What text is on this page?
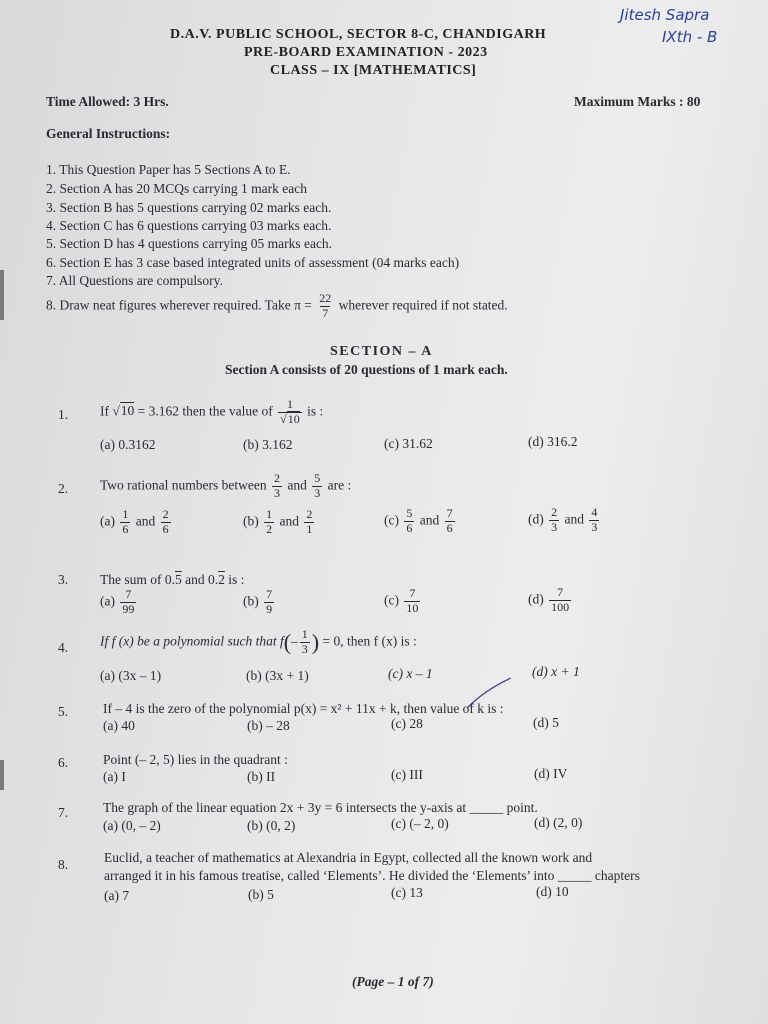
Jitesh Sapra
IXth - B
D.A.V. PUBLIC SCHOOL, SECTOR 8-C, CHANDIGARH
PRE-BOARD EXAMINATION - 2023
CLASS – IX [MATHEMATICS]
Time Allowed: 3 Hrs.	Maximum Marks : 80
General Instructions:
1. This Question Paper has 5 Sections A to E.
2. Section A has 20 MCQs carrying 1 mark each
3. Section B has 5 questions carrying 02 marks each.
4. Section C has 6 questions carrying 03 marks each.
5. Section D has 4 questions carrying 05 marks each.
6. Section E has 3 case based integrated units of assessment (04 marks each)
7. All Questions are compulsory.
8. Draw neat figures wherever required. Take $\pi = \frac{22}{7}$ wherever required if not stated.
SECTION – A
Section A consists of 20 questions of 1 mark each.
1. If √10 = 3.162 then the value of $\frac{1}{√10}$ is :
(a) 0.3162	(b) 3.162	(c) 31.62	(d) 316.2
2. Two rational numbers between $\frac{2}{3}$ and $\frac{5}{3}$ are :
$(a) \frac{1}{6}$ and $\frac{2}{6}$	$(b) \frac{1}{2}$ and $\frac{2}{1}$	$(c) \frac{5}{6}$ and $\frac{7}{6}$	$(d) \frac{2}{3}$ and $\frac{4}{3}$
3. The sum of 0.5 and 0.2 is :
$(a) \frac{7}{99}$	$(b) \frac{7}{9}$	$(c) \frac{7}{10}$	$(d) \frac{7}{100}$
4. If f (x) be a polynomial such that $f(- \frac{1}{3}$ ) = 0, then f (x) is :
(a) (3x – 1)	(b) (3x + 1)	(c) x – 1	(d) x + 1
5.	If – 4 is the zero of the polynomial p(x) = x² + 11x + k, then value of k is :
(a) 40	(b) – 28	(c) 28	(d) 5
6.	Point (– 2, 5) lies in the quadrant :
(a) I	(b) II	(c) III	(d) IV
7.	The graph of the linear equation 2x + 3y = 6 intersects the y-axis at _____ point.
(a) (0, – 2)	(b) (0, 2)	(c) (– 2, 0)	(d) (2, 0)
8.	Euclid, a teacher of mathematics at Alexandria in Egypt, collected all the known work and
arranged it in his famous treatise, called ‘Elements’. He divided the ‘Elements’ into _____ chapters
(a) 7	(b) 5	(c) 13	(d) 10
(Page – 1 of 7)
